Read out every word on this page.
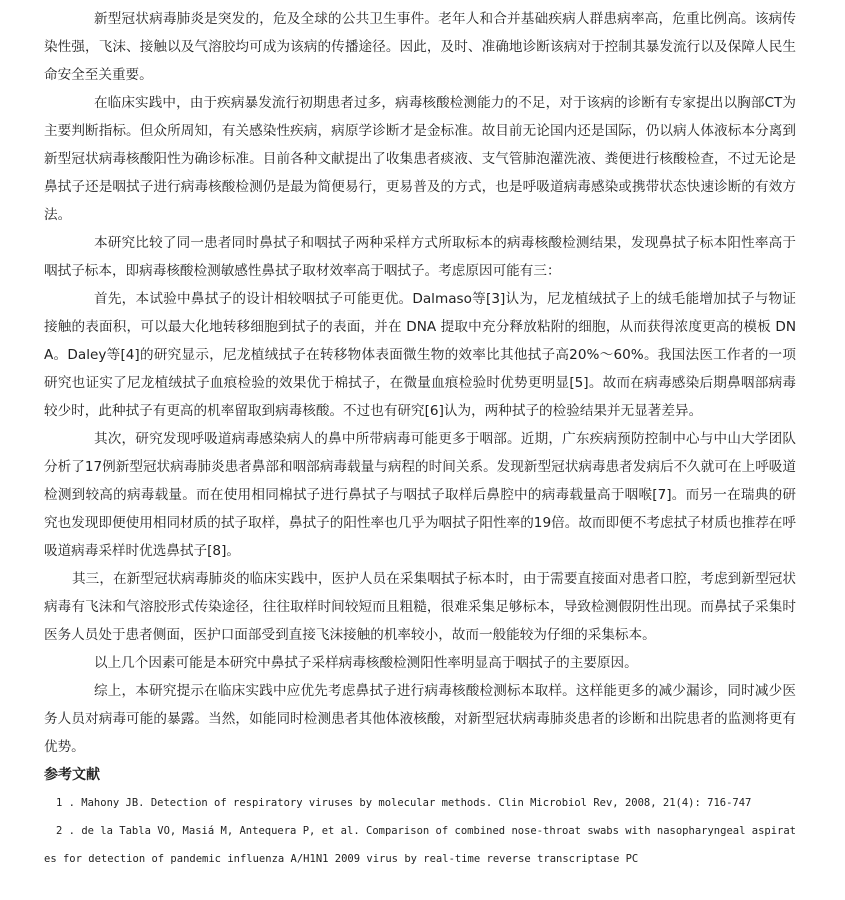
新型冠状病毒肺炎是突发的，危及全球的公共卫生事件。老年人和合并基础疾病人群患病率高，危重比例高。该病传染性强，飞沫、接触以及气溶胶均可成为该病的传播途径。因此，及时、准确地诊断该病对于控制其暴发流行以及保障人民生命安全至关重要。

在临床实践中，由于疾病暴发流行初期患者过多，病毒核酸检测能力的不足，对于该病的诊断有专家提出以胸部CT为主要判断指标。但众所周知，有关感染性疾病，病原学诊断才是金标准。故目前无论国内还是国际，仍以病人体液标本分离到新型冠状病毒核酸阳性为确诊标准。目前各种文献提出了收集患者痰液、支气管肺泡灌洗液、粪便进行核酸检查，不过无论是鼻拭子还是咽拭子进行病毒核酸检测仍是最为简便易行，更易普及的方式，也是呼吸道病毒感染或携带状态快速诊断的有效方法。

本研究比较了同一患者同时鼻拭子和咽拭子两种采样方式所取标本的病毒核酸检测结果，发现鼻拭子标本阳性率高于咽拭子标本，即病毒核酸检测敏感性鼻拭子取材效率高于咽拭子。考虑原因可能有三：

首先，本试验中鼻拭子的设计相较咽拭子可能更优。Dalmaso等[3]认为，尼龙植绒拭子上的绒毛能增加拭子与物证接触的表面积，可以最大化地转移细胞到拭子的表面，并在 DNA 提取中充分释放粘附的细胞，从而获得浓度更高的模板 DNA。Daley等[4]的研究显示，尼龙植绒拭子在转移物体表面微生物的效率比其他拭子高20%～60%。我国法医工作者的一项研究也证实了尼龙植绒拭子血痕检验的效果优于棉拭子，在微量血痕检验时优势更明显[5]。故而在病毒感染后期鼻咽部病毒较少时，此种拭子有更高的机率留取到病毒核酸。不过也有研究[6]认为，两种拭子的检验结果并无显著差异。

其次，研究发现呼吸道病毒感染病人的鼻中所带病毒可能更多于咽部。近期，广东疾病预防控制中心与中山大学团队分析了17例新型冠状病毒肺炎患者鼻部和咽部病毒载量与病程的时间关系。发现新型冠状病毒患者发病后不久就可在上呼吸道检测到较高的病毒载量。而在使用相同棉拭子进行鼻拭子与咽拭子取样后鼻腔中的病毒载量高于咽喉[7]。而另一在瑞典的研究也发现即便使用相同材质的拭子取样，鼻拭子的阳性率也几乎为咽拭子阳性率的19倍。故而即便不考虑拭子材质也推荐在呼吸道病毒采样时优选鼻拭子[8]。

其三，在新型冠状病毒肺炎的临床实践中，医护人员在采集咽拭子标本时，由于需要直接面对患者口腔，考虑到新型冠状病毒有飞沫和气溶胶形式传染途径，往往取样时间较短而且粗糙，很难采集足够标本，导致检测假阴性出现。而鼻拭子采集时医务人员处于患者侧面，医护口面部受到直接飞沫接触的机率较小，故而一般能较为仔细的采集标本。

以上几个因素可能是本研究中鼻拭子采样病毒核酸检测阳性率明显高于咽拭子的主要原因。

综上，本研究提示在临床实践中应优先考虑鼻拭子进行病毒核酸检测标本取样。这样能更多的减少漏诊，同时减少医务人员对病毒可能的暴露。当然，如能同时检测患者其他体液核酸，对新型冠状病毒肺炎患者的诊断和出院患者的监测将更有优势。

参考文献

1 . Mahony JB. Detection of respiratory viruses by molecular methods. Clin Microbiol Rev, 2008, 21(4): 716-747

2 . de la Tabla VO, Masiá M, Antequera P, et al. Comparison of combined nose-throat swabs with nasopharyngeal aspirates for detection of pandemic influenza A/H1N1 2009 virus by real-time reverse transcriptase PC
